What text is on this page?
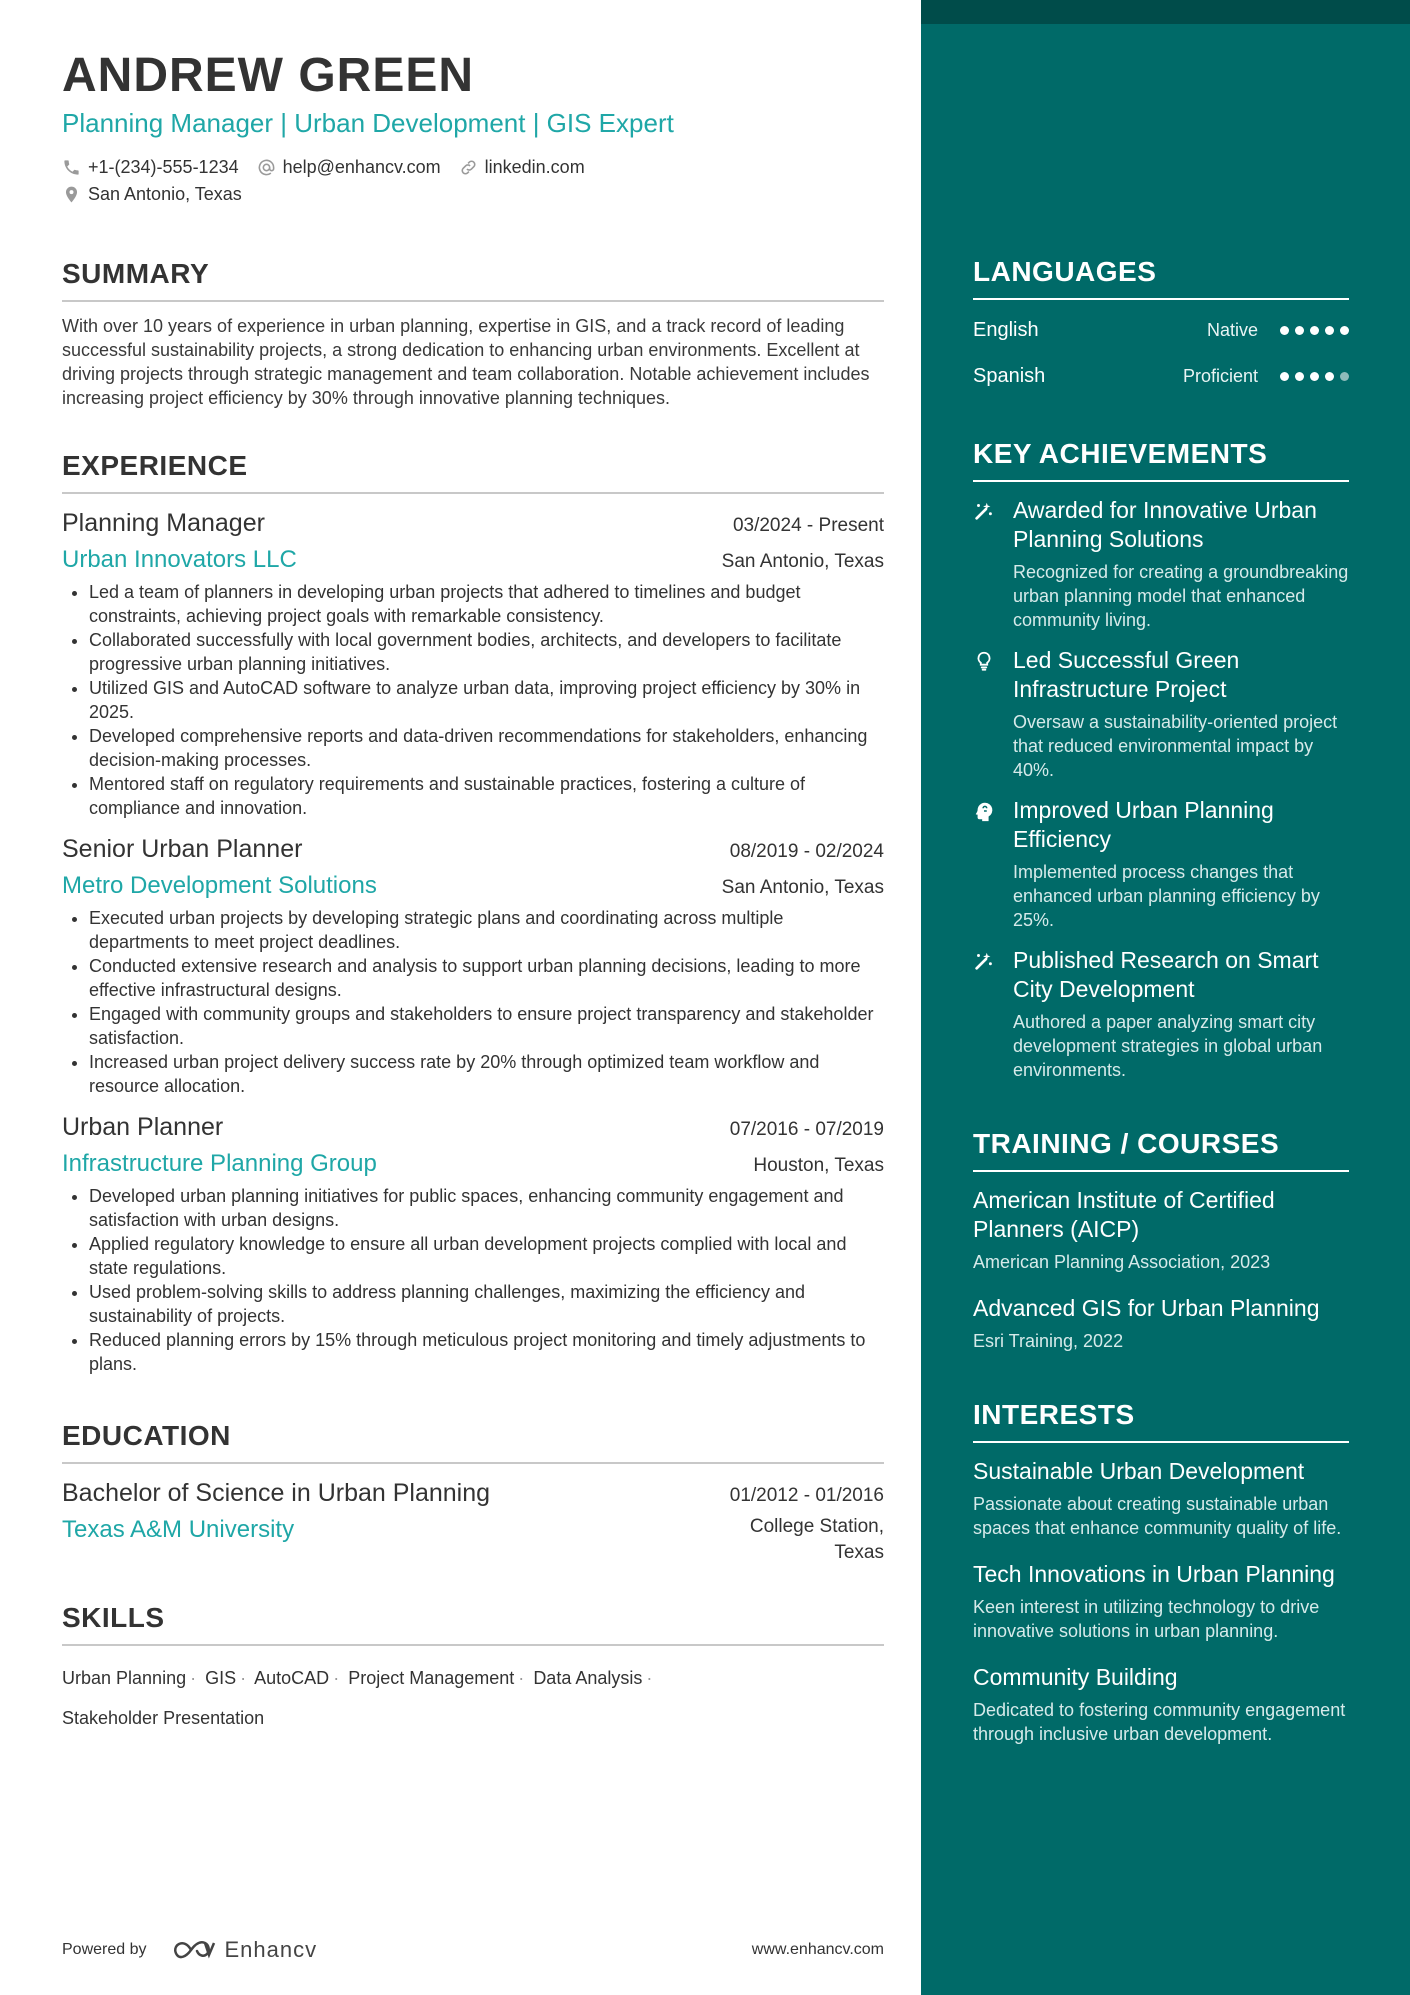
ANDREW GREEN
Planning Manager | Urban Development | GIS Expert
+1-(234)-555-1234 help@enhancv.com linkedin.com
San Antonio, Texas
SUMMARY
With over 10 years of experience in urban planning, expertise in GIS, and a track record of leading successful sustainability projects, a strong dedication to enhancing urban environments. Excellent at driving projects through strategic management and team collaboration. Notable achievement includes increasing project efficiency by 30% through innovative planning techniques.
EXPERIENCE
Planning Manager	03/2024 - Present
Urban Innovators LLC	San Antonio, Texas
• Led a team of planners in developing urban projects that adhered to timelines and budget constraints, achieving project goals with remarkable consistency.
• Collaborated successfully with local government bodies, architects, and developers to facilitate progressive urban planning initiatives.
• Utilized GIS and AutoCAD software to analyze urban data, improving project efficiency by 30% in 2025.
• Developed comprehensive reports and data-driven recommendations for stakeholders, enhancing decision-making processes.
• Mentored staff on regulatory requirements and sustainable practices, fostering a culture of compliance and innovation.
Senior Urban Planner	08/2019 - 02/2024
Metro Development Solutions	San Antonio, Texas
• Executed urban projects by developing strategic plans and coordinating across multiple departments to meet project deadlines.
• Conducted extensive research and analysis to support urban planning decisions, leading to more effective infrastructural designs.
• Engaged with community groups and stakeholders to ensure project transparency and stakeholder satisfaction.
• Increased urban project delivery success rate by 20% through optimized team workflow and resource allocation.
Urban Planner	07/2016 - 07/2019
Infrastructure Planning Group	Houston, Texas
• Developed urban planning initiatives for public spaces, enhancing community engagement and satisfaction with urban designs.
• Applied regulatory knowledge to ensure all urban development projects complied with local and state regulations.
• Used problem-solving skills to address planning challenges, maximizing the efficiency and sustainability of projects.
• Reduced planning errors by 15% through meticulous project monitoring and timely adjustments to plans.
EDUCATION
Bachelor of Science in Urban Planning	01/2012 - 01/2016
Texas A&M University	College Station, Texas
SKILLS
Urban Planning · GIS · AutoCAD · Project Management · Data Analysis ·
Stakeholder Presentation
Powered by	Enhancv	www.enhancv.com
LANGUAGES
English	Native
Spanish	Proficient
KEY ACHIEVEMENTS
Awarded for Innovative Urban Planning Solutions
Recognized for creating a groundbreaking urban planning model that enhanced community living.
Led Successful Green Infrastructure Project
Oversaw a sustainability-oriented project that reduced environmental impact by 40%.
Improved Urban Planning Efficiency
Implemented process changes that enhanced urban planning efficiency by 25%.
Published Research on Smart City Development
Authored a paper analyzing smart city development strategies in global urban environments.
TRAINING / COURSES
American Institute of Certified Planners (AICP)
American Planning Association, 2023
Advanced GIS for Urban Planning
Esri Training, 2022
INTERESTS
Sustainable Urban Development
Passionate about creating sustainable urban spaces that enhance community quality of life.
Tech Innovations in Urban Planning
Keen interest in utilizing technology to drive innovative solutions in urban planning.
Community Building
Dedicated to fostering community engagement through inclusive urban development.
